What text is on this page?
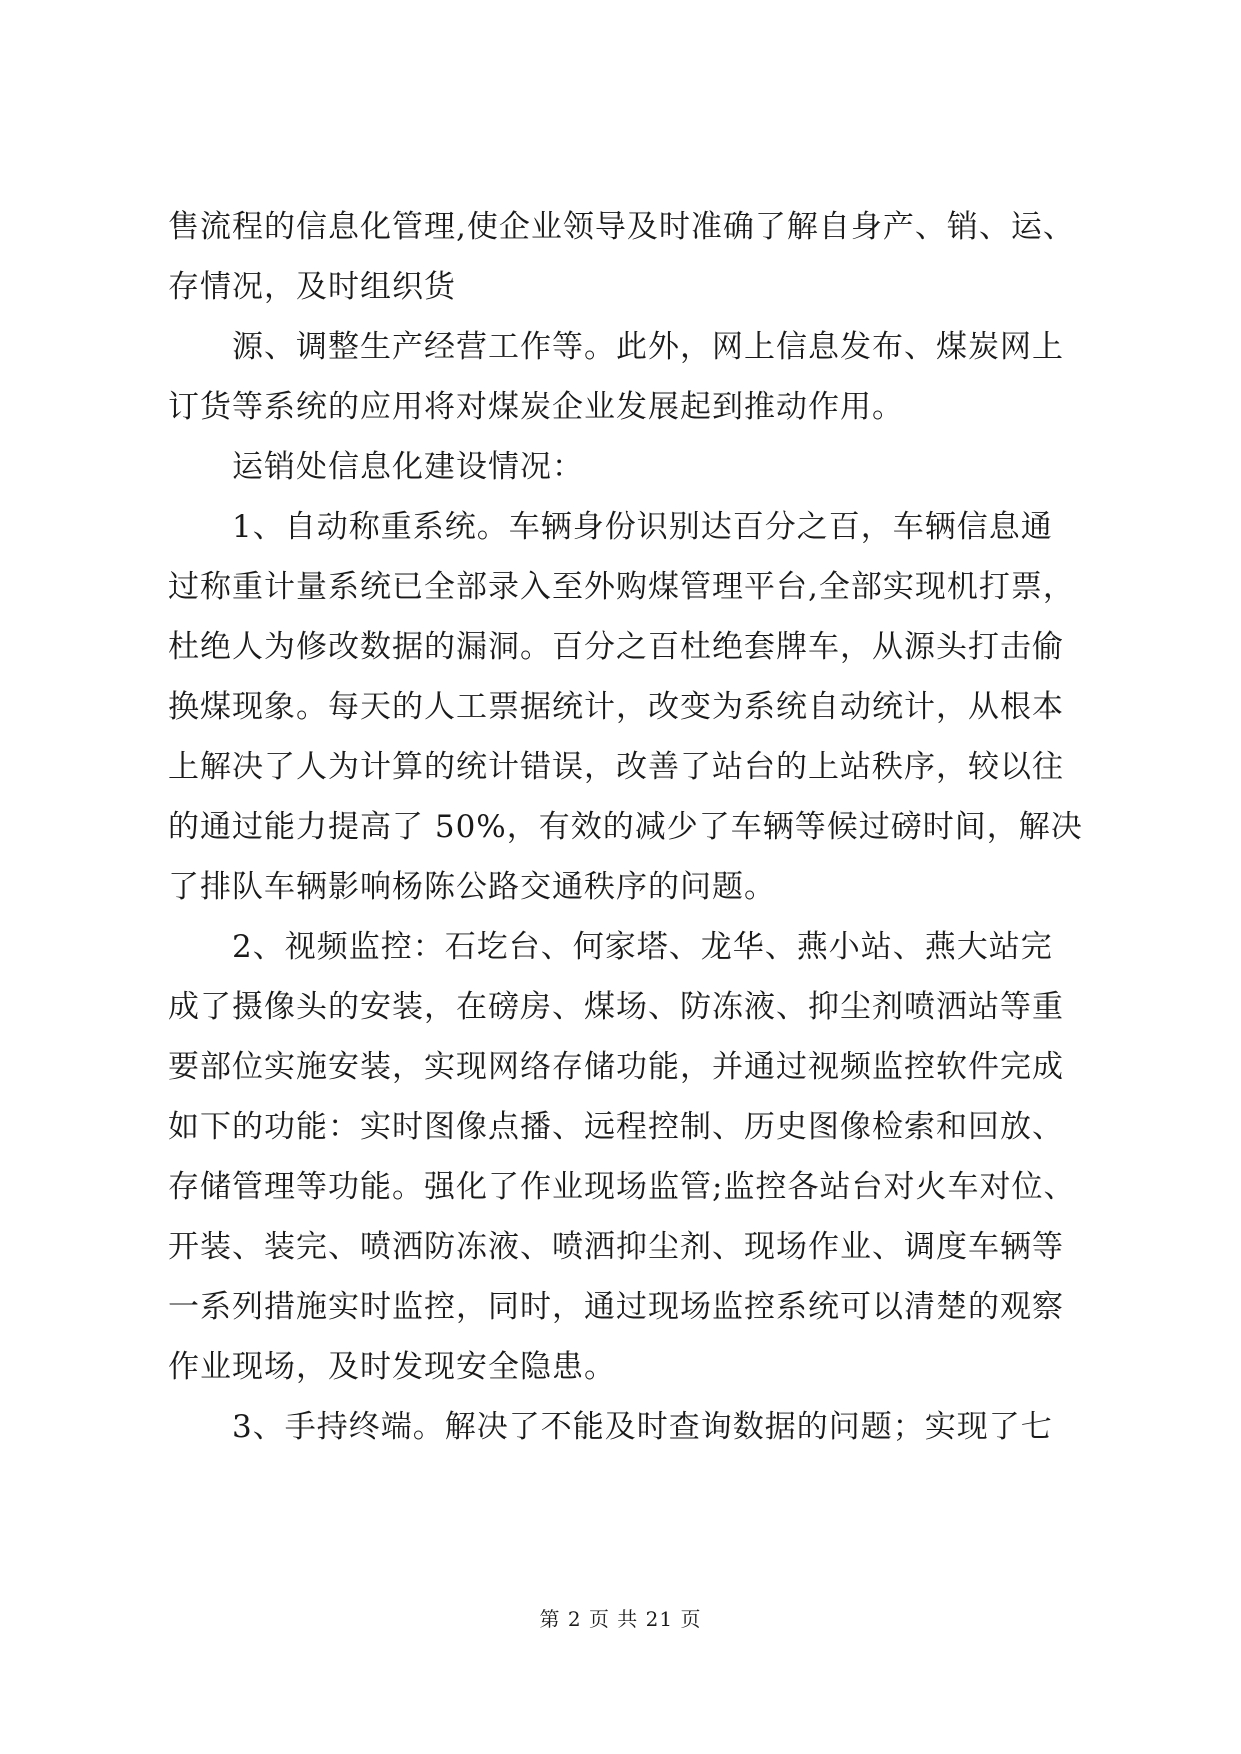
售流程的信息化管理,使企业领导及时准确了解自身产、销、运、
存情况，及时组织货
源、调整生产经营工作等。此外，网上信息发布、煤炭网上
订货等系统的应用将对煤炭企业发展起到推动作用。
运销处信息化建设情况：
1、自动称重系统。车辆身份识别达百分之百，车辆信息通
过称重计量系统已全部录入至外购煤管理平台,全部实现机打票，
杜绝人为修改数据的漏洞。百分之百杜绝套牌车，从源头打击偷
换煤现象。每天的人工票据统计，改变为系统自动统计，从根本
上解决了人为计算的统计错误，改善了站台的上站秩序，较以往
的通过能力提高了 50%，有效的减少了车辆等候过磅时间，解决
了排队车辆影响杨陈公路交通秩序的问题。
2、视频监控：石圪台、何家塔、龙华、燕小站、燕大站完
成了摄像头的安装，在磅房、煤场、防冻液、抑尘剂喷洒站等重
要部位实施安装，实现网络存储功能，并通过视频监控软件完成
如下的功能：实时图像点播、远程控制、历史图像检索和回放、
存储管理等功能。强化了作业现场监管;监控各站台对火车对位、
开装、装完、喷洒防冻液、喷洒抑尘剂、现场作业、调度车辆等
一系列措施实时监控，同时，通过现场监控系统可以清楚的观察
作业现场，及时发现安全隐患。
3、手持终端。解决了不能及时查询数据的问题；实现了七
第 2 页 共 21 页
